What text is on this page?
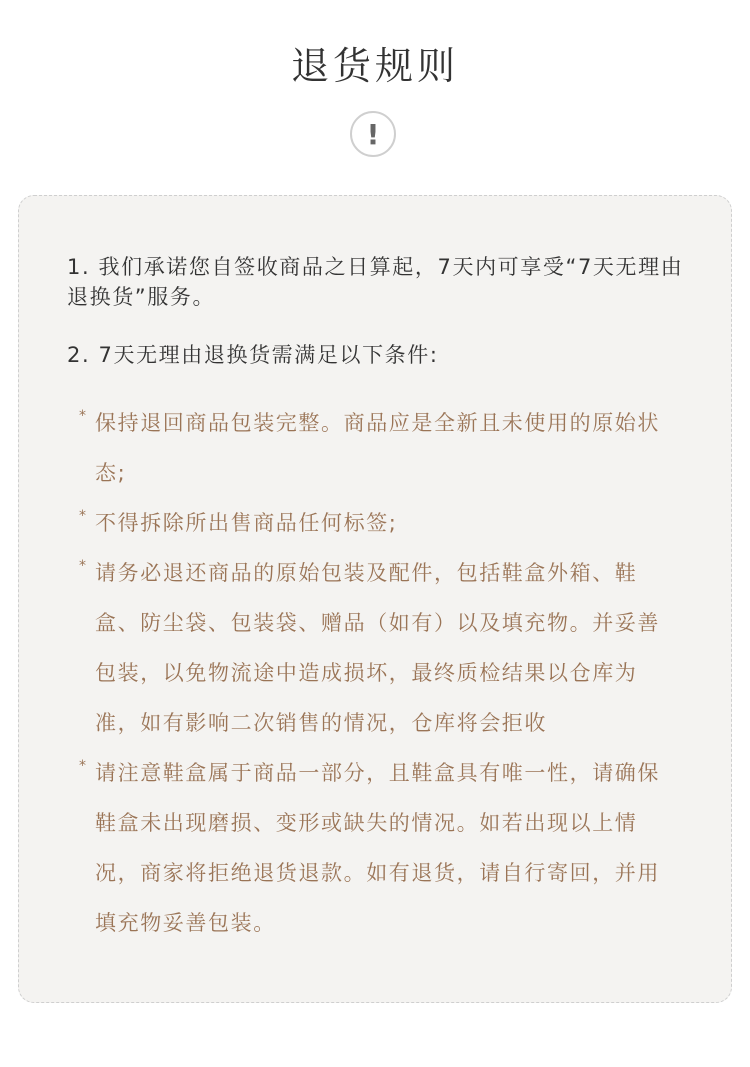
退货规则
!

1. 我们承诺您自签收商品之日算起，7天内可享受“7天无理由退换货”服务。

2. 7天无理由退换货需满足以下条件:

* 保持退回商品包装完整。商品应是全新且未使用的原始状态;
* 不得拆除所出售商品任何标签;
* 请务必退还商品的原始包装及配件，包括鞋盒外箱、鞋盒、防尘袋、包装袋、赠品（如有）以及填充物。并妥善包装，以免物流途中造成损坏，最终质检结果以仓库为准，如有影响二次销售的情况，仓库将会拒收
* 请注意鞋盒属于商品一部分，且鞋盒具有唯一性，请确保鞋盒未出现磨损、变形或缺失的情况。如若出现以上情况，商家将拒绝退货退款。如有退货，请自行寄回，并用填充物妥善包装。
